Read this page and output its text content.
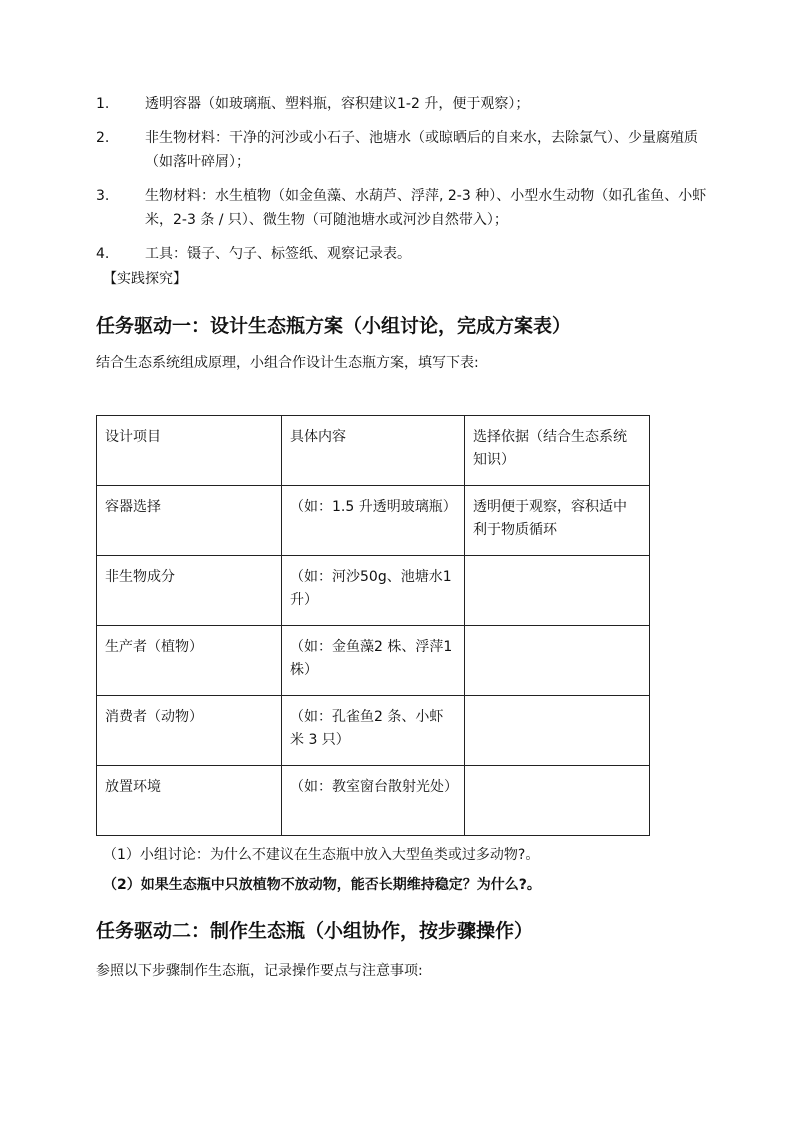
1.	透明容器（如玻璃瓶、塑料瓶，容积建议1-2 升，便于观察）；
2.	非生物材料：干净的河沙或小石子、池塘水（或晾晒后的自来水，去除氯气）、少量腐殖质（如落叶碎屑）；
3.	生物材料：水生植物（如金鱼藻、水葫芦、浮萍, 2-3 种）、小型水生动物（如孔雀鱼、小虾米，2-3 条 / 只）、微生物（可随池塘水或河沙自然带入）；
4.	工具：镊子、勺子、标签纸、观察记录表。
【实践探究】
任务驱动一：设计生态瓶方案（小组讨论，完成方案表）
结合生态系统组成原理，小组合作设计生态瓶方案，填写下表:
设计项目	具体内容	选择依据（结合生态系统知识）
容器选择	（如：1.5 升透明玻璃瓶）	透明便于观察，容积适中利于物质循环
非生物成分	（如：河沙50g、池塘水1 升）	
生产者（植物）	（如：金鱼藻2 株、浮萍1 株）	
消费者（动物）	（如：孔雀鱼2 条、小虾米 3 只）	
放置环境	（如：教室窗台散射光处）	
（1）小组讨论：为什么不建议在生态瓶中放入大型鱼类或过多动物?。
（2）如果生态瓶中只放植物不放动物，能否长期维持稳定？为什么?。
任务驱动二：制作生态瓶（小组协作，按步骤操作）
参照以下步骤制作生态瓶，记录操作要点与注意事项:
